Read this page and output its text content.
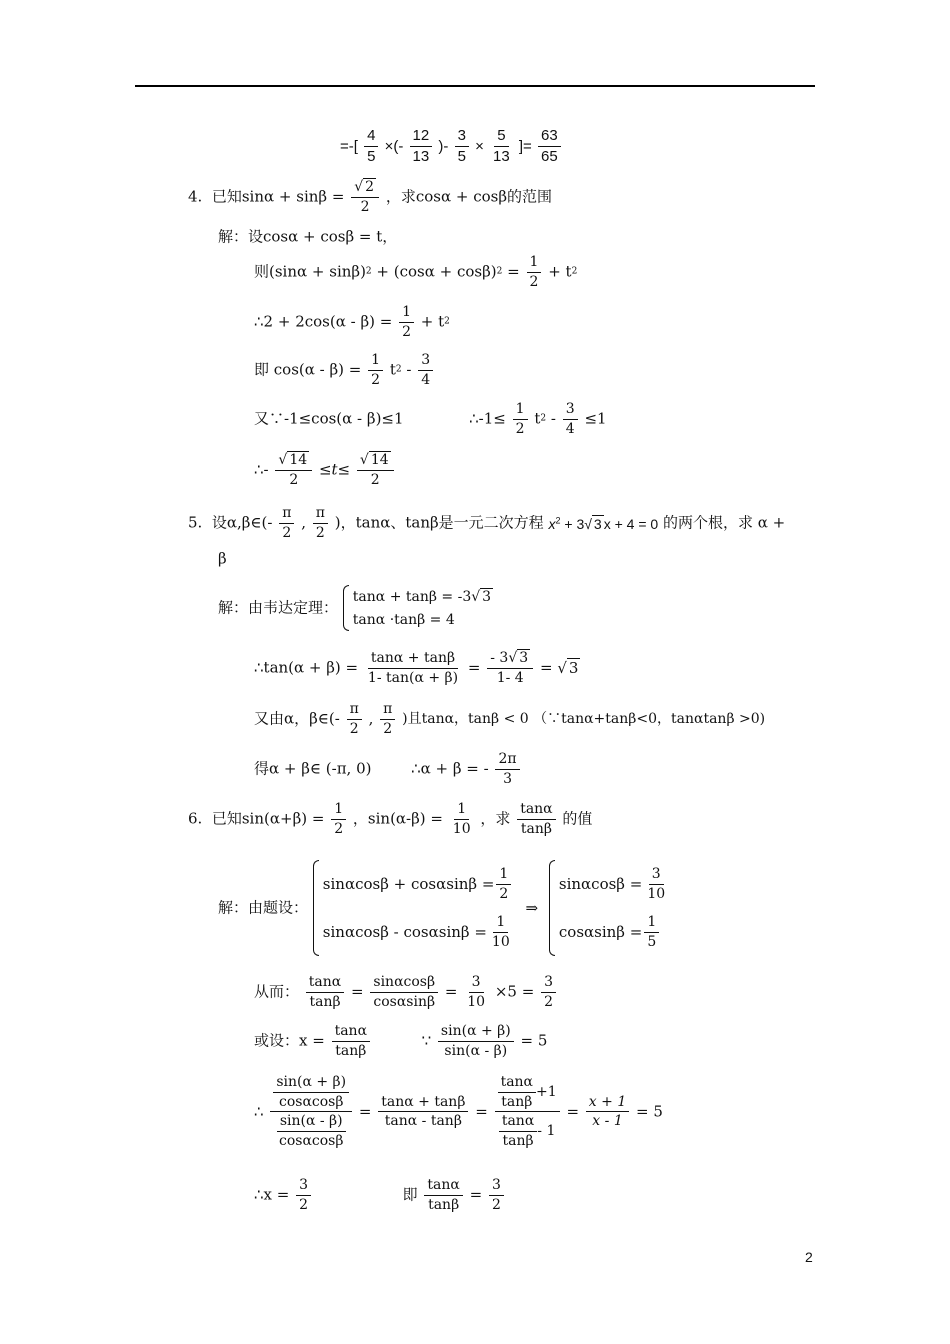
=-[ $\frac{4}{5}$ ×(- $\frac{12}{13}$ )- $\frac{3}{5} \times \frac{5}{13}$ ]= $\frac{63}{65}$
4. 已知$\sin\alpha + \sin\beta = \frac{√ 2}{2}$ ，求cosα + cosβ的范围
解：设cosα + cosβ = t，
则$(\sin\alpha + \sin\beta)2 + (\cos\alpha + \cos\beta)2 = \frac{1}{2} + t2$
∴2 + $2\cos(\alpha - \beta) = \frac{1}{2} + t2$
即 $\cos(\alpha - \beta) = \frac{1}{2} t2 - \frac{3}{4}$
又∵-1≤cos(α - β)≤1	∴-1≤ $\frac{1}{2} t2 - \frac{3}{4} \le 1$
∴- $\frac{√ 14}{2} \le t\le \frac{√ 14}{2}$
5. 设α,β∈(- $\frac{\pi}{2}$ , $\frac{\pi}{2}$ )，tanα、tanβ是一元二次方程 $x^2 + 3√$ 3 x + 4 = 0 的两个根，求 α +
β
解：由韦达定理：
tanα + tanβ = -3 √ 3
tanα ·tanβ = 4
∴tan(α + $\beta) = \frac{\tan\alpha + \tan\beta}{1- \tan(\alpha + \beta)} = \frac{- 3√ 3}{1- 4}$ = √ 3
又由α，β∈(- $\frac{\pi}{2}$ , $\frac{\pi}{2}$ )且tanα，tanβ < 0 （∵tanα+tanβ<0，tanαtanβ >0)
得α + β∈ (-π, 0)	∴α + β = - $\frac{2\pi}{3}$
6. 已知$\sin(\alpha+\beta) = \frac{1}{2}$ ，$\sin(\alpha-\beta) = \frac{1}{10}$ ，求 $\frac{\tan\alpha}{\tan\beta}$ 的值
解：由题设：
$\sin\alpha\cos\beta + \cos\alpha\sin\beta = \frac{1}{2}$
$\sin\alpha\cos\beta - \cos\alpha\sin\beta = \frac{1}{10}$
⇒
$\sin\alpha\cos\beta = \frac{3}{10}$
$\cos\alpha\sin\beta = \frac{1}{5}$
从而： $\frac{\tan\alpha}{\tan\beta} = \frac{\sin\alpha\cos\beta}{\cos\alpha\sin\beta} = \frac{3}{10} \times 5 = \frac{3}{2}$
或设：$x = \frac{\tan\alpha}{\tan\beta}$	∵ $\frac{\sin(\alpha + \beta)}{\sin(\alpha - \beta)} = 5$
∴ $\frac{\frac{\sin(\alpha + \beta)}{\cos\alpha\cos\beta}}{\frac{\sin(\alpha - \beta)}{\cos\alpha\cos\beta}} = \frac{\tan\alpha + \tan\beta}{\tan\alpha - \tan\beta} = \frac{\frac{\tan\alpha}{\tan\beta} +1}{\frac{\tan\alpha}{\tan\beta} - 1} = \frac{x + 1}{x - 1} = 5$
∴x = $\frac{3}{2}$	即 $\frac{\tan\alpha}{\tan\beta} = \frac{3}{2}$
2
